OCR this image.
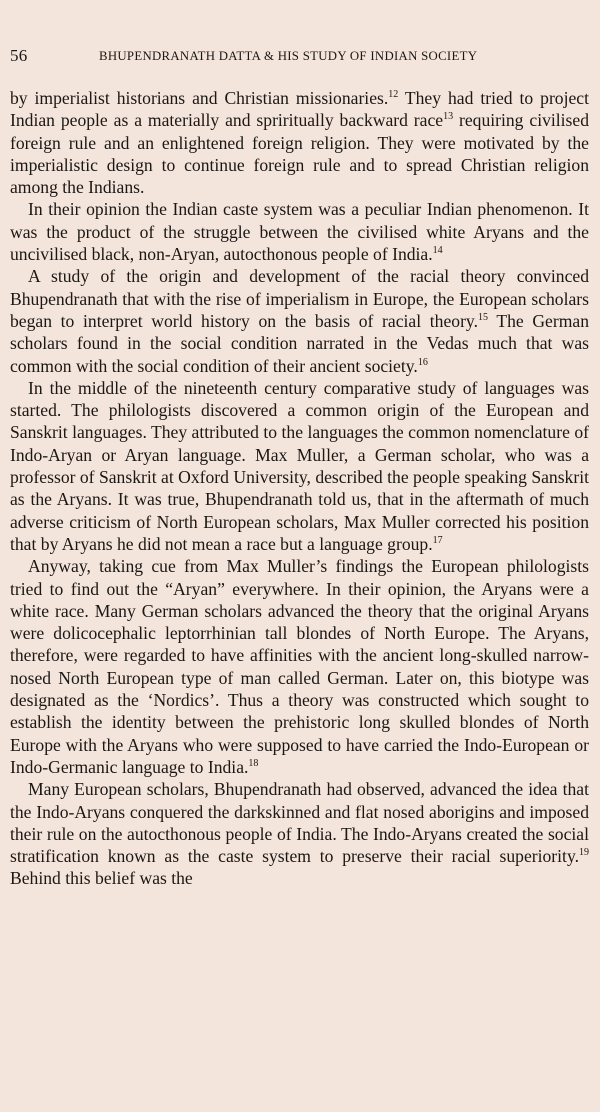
56	BHUPENDRANATH DATTA & HIS STUDY OF INDIAN SOCIETY

by imperialist historians and Christian missionaries.$^{12}$ They had tried to project Indian people as a materially and spriritually backward race$^{13}$ requiring civilised foreign rule and an enlightened foreign religion. They were motivated by the imperialistic design to continue foreign rule and to spread Christian religion among the Indians.

In their opinion the Indian caste system was a peculiar Indian phenomenon. It was the product of the struggle between the civilised white Aryans and the uncivilised black, non-Aryan, autocthonous people of India.$^{14}$

A study of the origin and development of the racial theory convinced Bhupendranath that with the rise of imperialism in Europe, the European scholars began to interpret world history on the basis of racial theory.$^{15}$ The German scholars found in the social condition narrated in the Vedas much that was common with the social condition of their ancient society.$^{16}$

In the middle of the nineteenth century comparative study of languages was started. The philologists discovered a common origin of the European and Sanskrit languages. They attributed to the languages the common nomenclature of Indo-Aryan or Aryan language. Max Muller, a German scholar, who was a professor of Sanskrit at Oxford University, described the people speaking Sanskrit as the Aryans. It was true, Bhupendranath told us, that in the aftermath of much adverse criticism of North European scholars, Max Muller corrected his position that by Aryans he did not mean a race but a language group.$^{17}$

Anyway, taking cue from Max Muller’s findings the European philologists tried to find out the “Aryan” everywhere. In their opinion, the Aryans were a white race. Many German scholars advanced the theory that the original Aryans were dolicocephalic leptorrhinian tall blondes of North Europe. The Aryans, therefore, were regarded to have affinities with the ancient long-skulled narrow-nosed North European type of man called German. Later on, this biotype was designated as the ‘Nordics’. Thus a theory was constructed which sought to establish the identity between the prehistoric long skulled blondes of North Europe with the Aryans who were supposed to have carried the Indo-European or Indo-Germanic language to India.$^{18}$

Many European scholars, Bhupendranath had observed, advanced the idea that the Indo-Aryans conquered the darkskinned and flat nosed aborigins and imposed their rule on the autocthonous people of India. The Indo-Aryans created the social stratification known as the caste system to preserve their racial superiority.$^{19}$ Behind this belief was the
